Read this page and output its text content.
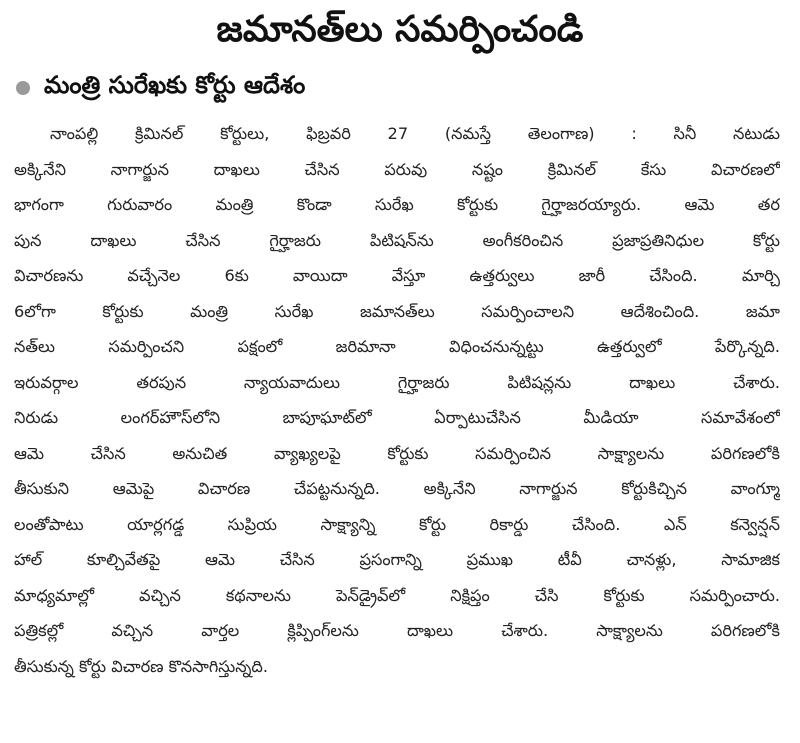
జమానత్‌లు సమర్పించండి
మంత్రి సురేఖకు కోర్టు ఆదేశం
నాంపల్లి క్రిమినల్ కోర్టులు, ఫిబ్రవరి 27 (నమస్తే తెలంగాణ) : సినీ నటుడు
అక్కినేని నాగార్జున దాఖలు చేసిన పరువు నష్టం క్రిమినల్ కేసు విచారణలో
భాగంగా గురువారం మంత్రి కొండా సురేఖ కోర్టుకు గైర్హాజరయ్యారు. ఆమె తర
పున దాఖలు చేసిన గైర్హాజరు పిటిషన్‌ను అంగీకరించిన ప్రజాప్రతినిధుల కోర్టు
విచారణను వచ్చేనెల 6కు వాయిదా వేస్తూ ఉత్తర్వులు జారీ చేసింది. మార్చి
6లోగా కోర్టుకు మంత్రి సురేఖ జమానత్‌లు సమర్పించాలని ఆదేశించింది. జమా
నత్‌లు సమర్పించని పక్షంలో జరిమానా విధించనున్నట్టు ఉత్తర్వులో పేర్కొన్నది.
ఇరువర్గాల తరపున న్యాయవాదులు గైర్హాజరు పిటిషన్లను దాఖలు చేశారు.
నిరుడు లంగర్‌హౌస్‌లోని బాపూఘాట్‌లో ఏర్పాటుచేసిన మీడియా సమావేశంలో
ఆమె చేసిన అనుచిత వ్యాఖ్యలపై కోర్టుకు సమర్పించిన సాక్ష్యాలను పరిగణలోకి
తీసుకుని ఆమెపై విచారణ చేపట్టనున్నది. అక్కినేని నాగార్జున కోర్టుకిచ్చిన వాంగ్మూ
లంతోపాటు యార్లగడ్డ సుప్రియ సాక్ష్యాన్ని కోర్టు రికార్డు చేసింది. ఎన్ కన్వెన్షన్
హాల్ కూల్చివేతపై ఆమె చేసిన ప్రసంగాన్ని ప్రముఖ టీవీ చానళ్లు, సామాజిక
మాధ్యమాల్లో వచ్చిన కథనాలను పెన్‌డ్రైవ్‌లో నిక్షిప్తం చేసి కోర్టుకు సమర్పించారు.
పత్రికల్లో వచ్చిన వార్తల క్లిప్పింగ్‌లను దాఖలు చేశారు. సాక్ష్యాలను పరిగణలోకి
తీసుకున్న కోర్టు విచారణ కొనసాగిస్తున్నది.
